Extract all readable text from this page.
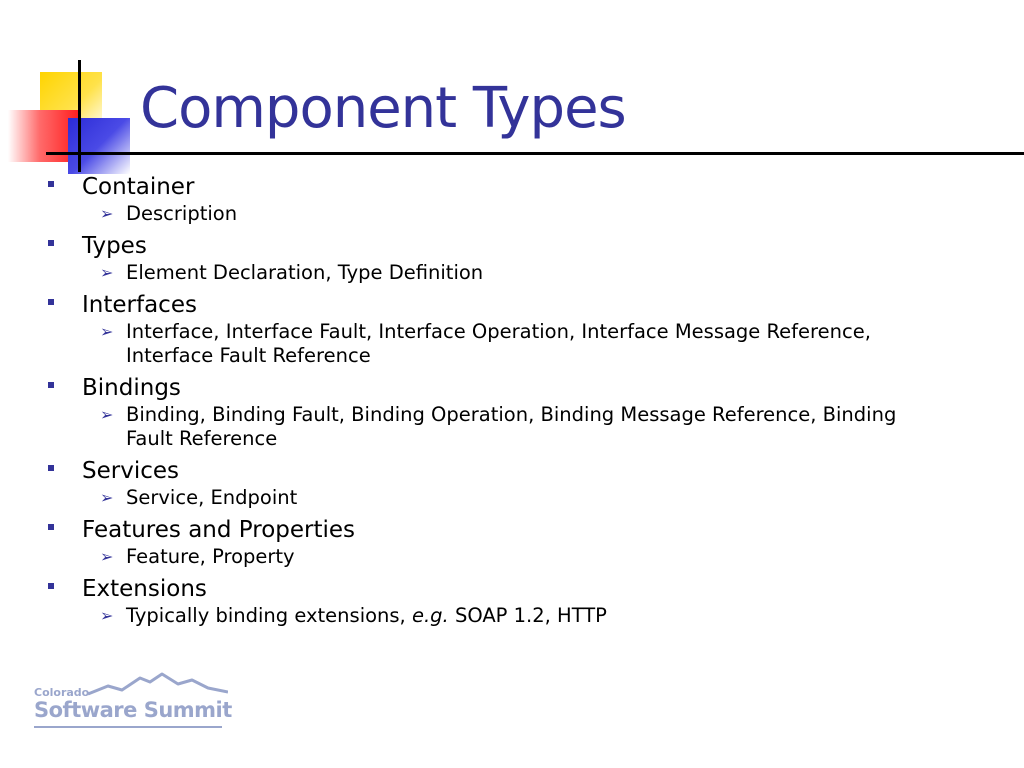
Component Types
Container
➢ Description
Types
➢ Element Declaration, Type Definition
Interfaces
➢ Interface, Interface Fault, Interface Operation, Interface Message Reference, Interface Fault Reference
Bindings
➢ Binding, Binding Fault, Binding Operation, Binding Message Reference, Binding Fault Reference
Services
➢ Service, Endpoint
Features and Properties
➢ Feature, Property
Extensions
➢ Typically binding extensions, e.g. SOAP 1.2, HTTP
Colorado
Software Summit
